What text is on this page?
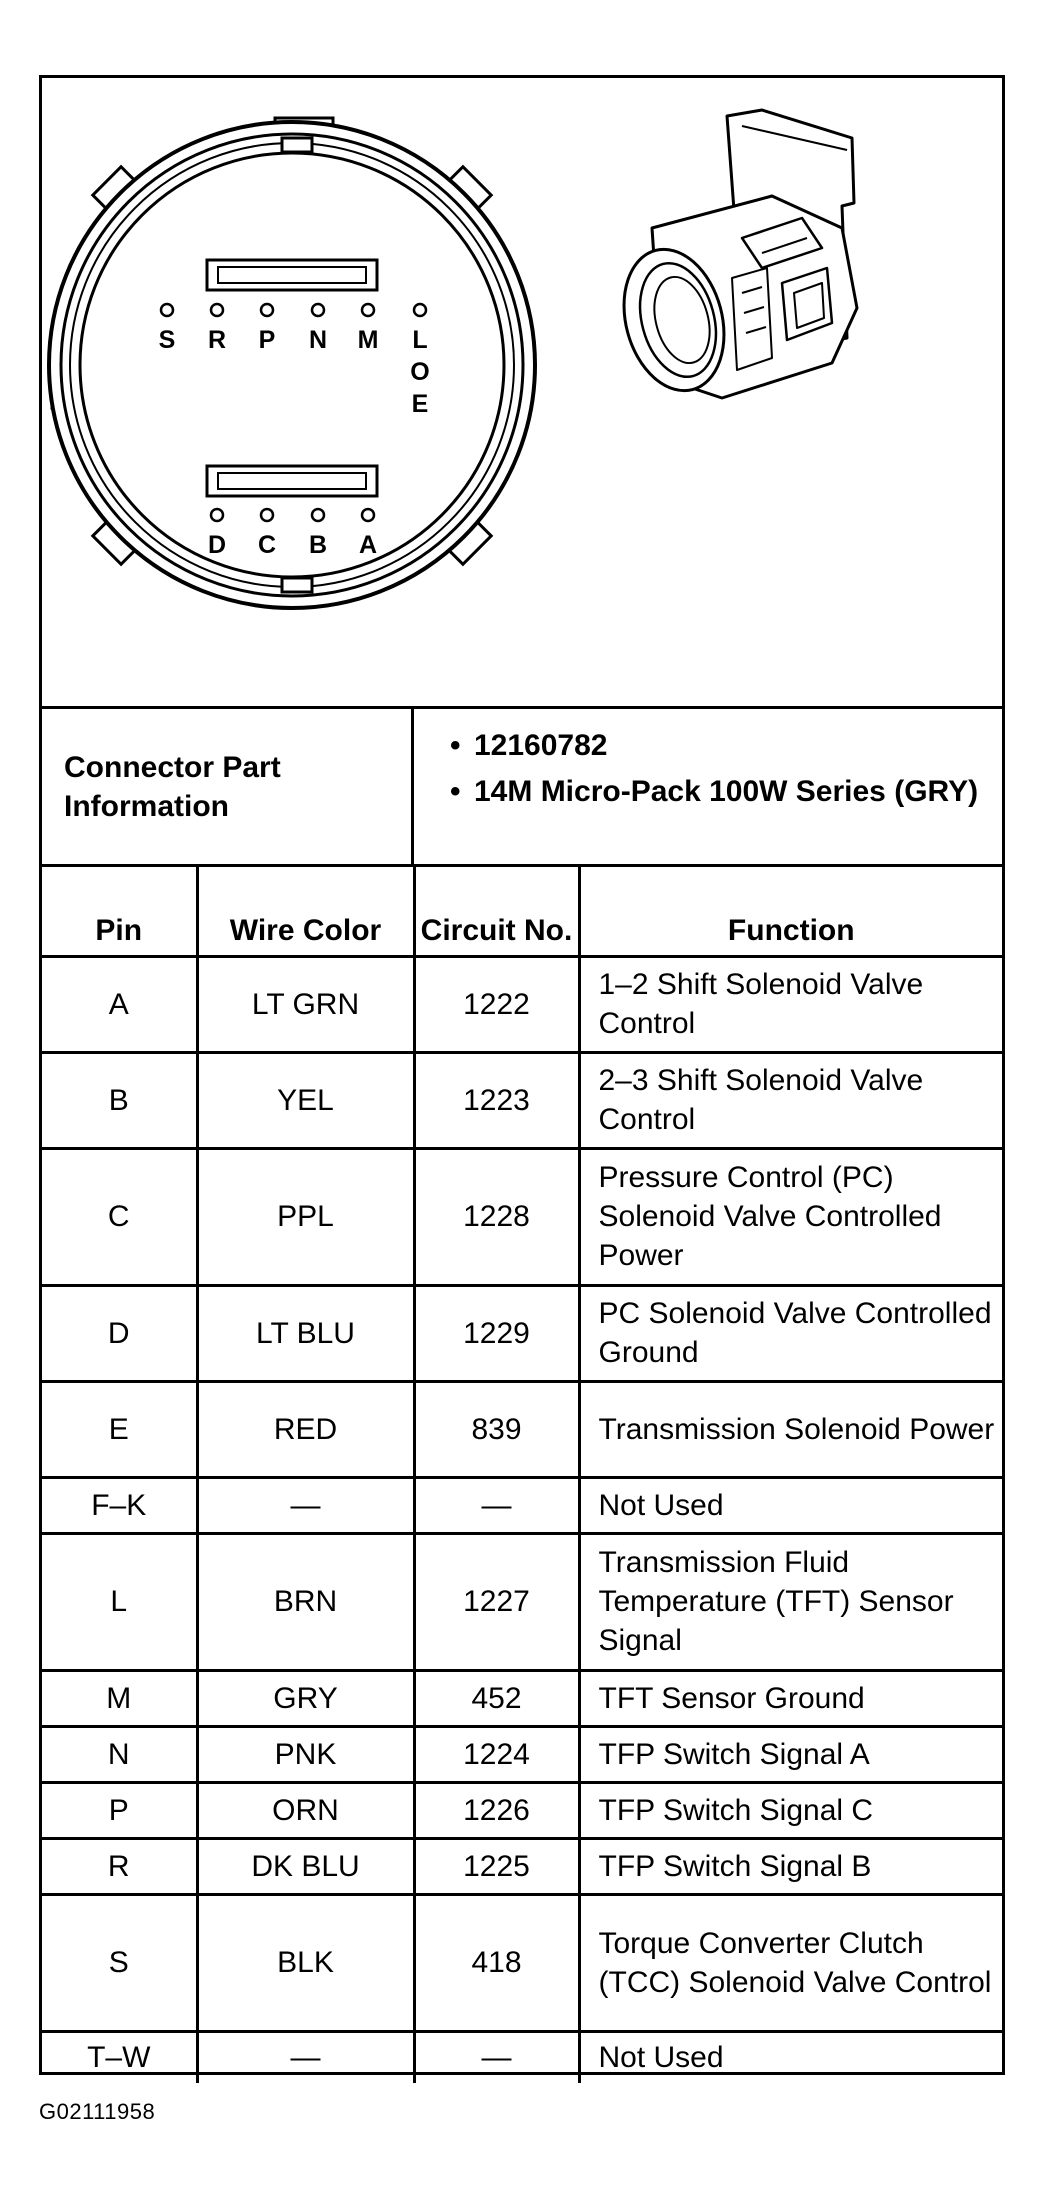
S R P N M L
O
E
D C B A
Connector Part Information
• 12160782
• 14M Micro-Pack 100W Series (GRY)
Pin	Wire Color	Circuit No.	Function
A	LT GRN	1222	1–2 Shift Solenoid Valve Control
B	YEL	1223	2–3 Shift Solenoid Valve Control
C	PPL	1228	Pressure Control (PC) Solenoid Valve Controlled Power
D	LT BLU	1229	PC Solenoid Valve Controlled Ground
E	RED	839	Transmission Solenoid Power
F–K	—	—	Not Used
L	BRN	1227	Transmission Fluid Temperature (TFT) Sensor Signal
M	GRY	452	TFT Sensor Ground
N	PNK	1224	TFP Switch Signal A
P	ORN	1226	TFP Switch Signal C
R	DK BLU	1225	TFP Switch Signal B
S	BLK	418	Torque Converter Clutch (TCC) Solenoid Valve Control
T–W	—	—	Not Used
G02111958
